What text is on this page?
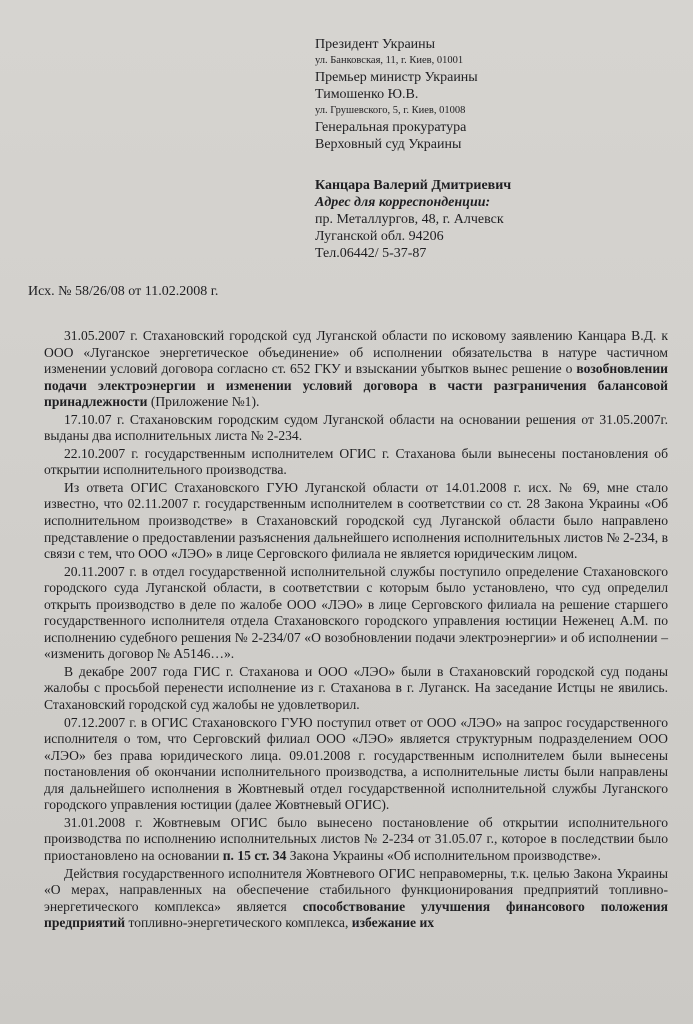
Президент Украины
ул. Банковская, 11, г. Киев, 01001
Премьер министр Украины
Тимошенко Ю.В.
ул. Грушевского, 5, г. Киев, 01008
Генеральная прокуратура
Верховный суд Украины
Канцара Валерий Дмитриевич
Адрес для корреспонденции:
пр. Металлургов, 48, г. Алчевск
Луганской обл. 94206
Тел.06442/ 5-37-87
Исх. № 58/26/08 от 11.02.2008 г.

31.05.2007 г. Стахановский городской суд Луганской области по исковому заявлению Канцара В.Д. к ООО «Луганское энергетическое объединение» об исполнении обязательства в натуре частичном изменении условий договора согласно ст. 652 ГКУ и взыскании убытков вынес решение о возобновлении подачи электроэнергии и изменении условий договора в части разграничения балансовой принадлежности (Приложение №1).

17.10.07 г. Стахановским городским судом Луганской области на основании решения от 31.05.2007г. выданы два исполнительных листа № 2-234.

22.10.2007 г. государственным исполнителем ОГИС г. Стаханова были вынесены постановления об открытии исполнительного производства.

Из ответа ОГИС Стахановского ГУЮ Луганской области от 14.01.2008 г. исх. № 69, мне стало известно, что 02.11.2007 г. государственным исполнителем в соответствии со ст. 28 Закона Украины «Об исполнительном производстве» в Стахановский городской суд Луганской области было направлено представление о предоставлении разъяснения дальнейшего исполнения исполнительных листов № 2-234, в связи с тем, что ООО «ЛЭО» в лице Серговского филиала не является юридическим лицом.

20.11.2007 г. в отдел государственной исполнительной службы поступило определение Стахановского городского суда Луганской области, в соответствии с которым было установлено, что суд определил открыть производство в деле по жалобе ООО «ЛЭО» в лице Серговского филиала на решение старшего государственного исполнителя отдела Стахановского городского управления юстиции Неженец А.М. по исполнению судебного решения № 2-234/07 «О возобновлении подачи электроэнергии» и об исполнении – «изменить договор № А5146…».

В декабре 2007 года ГИС г. Стаханова и ООО «ЛЭО» были в Стахановский городской суд поданы жалобы с просьбой перенести исполнение из г. Стаханова в г. Луганск. На заседание Истцы не явились. Стахановский городской суд жалобы не удовлетворил.

07.12.2007 г. в ОГИС Стахановского ГУЮ поступил ответ от ООО «ЛЭО» на запрос государственного исполнителя о том, что Серговский филиал ООО «ЛЭО» является структурным подразделением ООО «ЛЭО» без права юридического лица. 09.01.2008 г. государственным исполнителем были вынесены постановления об окончании исполнительного производства, а исполнительные листы были направлены для дальнейшего исполнения в Жовтневый отдел государственной исполнительной службы Луганского городского управления юстиции (далее Жовтневый ОГИС).

31.01.2008 г. Жовтневым ОГИС было вынесено постановление об открытии исполнительного производства по исполнению исполнительных листов № 2-234 от 31.05.07 г., которое в последствии было приостановлено на основании п. 15 ст. 34 Закона Украины «Об исполнительном производстве».

Действия государственного исполнителя Жовтневого ОГИС неправомерны, т.к. целью Закона Украины «О мерах, направленных на обеспечение стабильного функционирования предприятий топливно-энергетического комплекса» является способствование улучшения финансового положения предприятий топливно-энергетического комплекса, избежание их
